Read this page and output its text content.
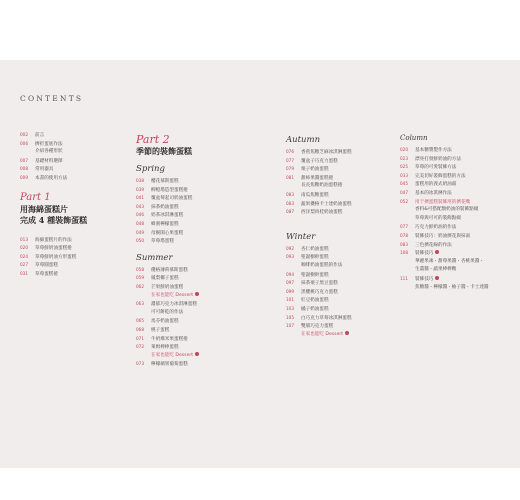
CONTENTS
002	前言
006	擠折蛋底作法
介紹各種形狀
007	基礎材料選擇
008	常用器具
009	本書的使用方法
Part 1
用海綿蛋糕片
完成 4 種裝飾蛋糕
013	海綿蛋糕片的作法
020	草莓鮮奶油蛋糕捲
024	草莓鮮奶油方形蛋糕
027	草莓圓蛋糕
031	草莓蛋糕捲
Part 2
季節的裝飾蛋糕
Spring
038	櫻花慕斯蛋糕
039	柳橙塔造型蛋糕捲
041	覆盆莓起司奶油蛋糕
043	抹茶奶油蛋糕
046	奶茶冰淇淋蛋糕
048	蜂蜜檸檬蛋糕
049	母猴開心果蛋糕
050	草莓塔蛋糕
Summer
058	優格薄荷慕斯蛋糕
059	鳳梨椰子蛋糕
062	芒果鮮奶油蛋糕
在家也能吃 Dessert
063	濃郁巧克力冰淇淋蛋糕
可可餅乾的作法
065	馬芬奶油蛋糕
068	桃子蛋糕
071	牛奶爆米果蛋糕捲
072	萊姆棒棒蛋糕
在家也能吃 Dessert
073	檸檬蘋果葡萄蛋糕
Autumn
076	香蕉焦糖芝麻冰淇淋蛋糕
077	覆盆子巧克力蛋糕
079	栗子奶油蛋糕
081	甜柿果醬蛋糕捲
長長焦糖奶油蛋糕捲
083	南瓜焦糖蛋糕
083	蔬果優格卡士達奶油蛋糕
087	西洋梨肉桂奶油蛋糕
Winter
092	杏仁奶油蛋糕
093	聖誕樹幹蛋糕
咖啡奶油蛋糕的作法
094	聖誕樹幹蛋糕
097	抹茶栗子黑豆蛋糕
099	黑櫻桃巧克力蛋糕
101	紅豆奶油蛋糕
103	橘子奶油蛋糕
105	白巧克力草莓冰淇淋蛋糕
107	雙層巧克力蛋糕
在家也能吃 Dessert
Column
020	基本糖漿製作方法
023	漂亮打發鮮奶油的方法
025	草莓的可愛裝飾方法
033	完美切好裝飾蛋糕的方法
045	蛋糕用的義式奶油霜
047	基本的冰淇淋作法
052	用于擠蛋糕裝飾用的擠花嘴
香料&可搭配類奶油的裝飾點綴
草莓與可可的裝飾點綴
077	巧克力鮮奶油的作法
078	裝飾技巧：奶油擠花與抹面
083	三色擠花線的作法
108	裝飾技巧
華麗果凍・甜莓果醬・杏桃果醬・
生薑醬・蔬果棒棒糖
111	裝飾技巧
焦糖醬・檸檬醬・柚子醬・卡士達醬
